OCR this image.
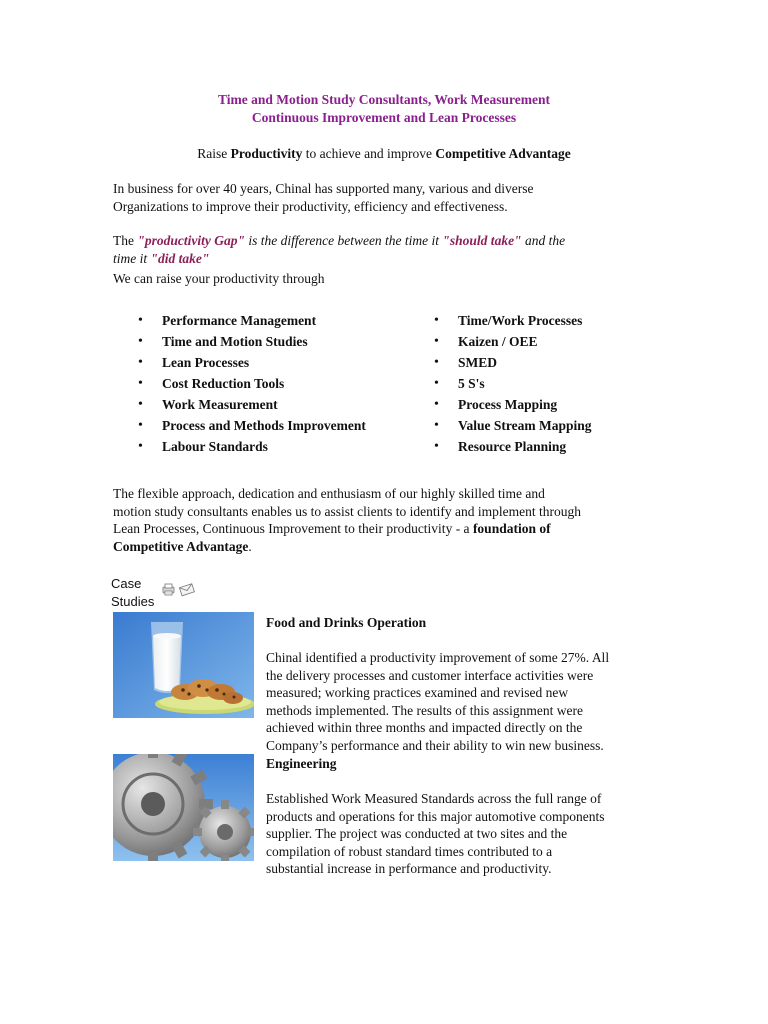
Time and Motion Study Consultants, Work Measurement
Continuous Improvement and Lean Processes
Raise Productivity to achieve and improve Competitive Advantage
In business for over 40 years, Chinal has supported many, various and diverse
Organizations to improve their productivity, efficiency and effectiveness.
The "productivity Gap" is the difference between the time it "should take" and the
time it "did take"
We can raise your productivity through
• Performance Management
• Time and Motion Studies
• Lean Processes
• Cost Reduction Tools
• Work Measurement
• Process and Methods Improvement
• Labour Standards
• Time/Work Processes
• Kaizen / OEE
• SMED
• 5 S's
• Process Mapping
• Value Stream Mapping
• Resource Planning
The flexible approach, dedication and enthusiasm of our highly skilled time and
motion study consultants enables us to assist clients to identify and implement through
Lean Processes, Continuous Improvement to their productivity - a foundation of
Competitive Advantage.
Case
Studies

Food and Drinks Operation
Chinal identified a productivity improvement of some 27%. All
the delivery processes and customer interface activities were
measured; working practices examined and revised new
methods implemented. The results of this assignment were
achieved within three months and impacted directly on the
Company’s performance and their ability to win new business.
Engineering
Established Work Measured Standards across the full range of
products and operations for this major automotive components
supplier. The project was conducted at two sites and the
compilation of robust standard times contributed to a
substantial increase in performance and productivity.
